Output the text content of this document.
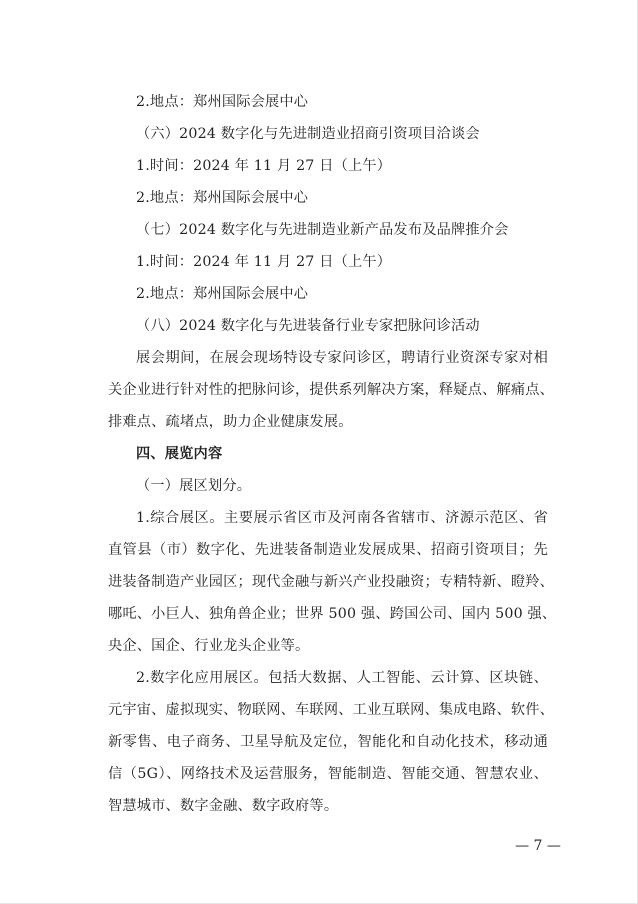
2.地点：郑州国际会展中心
（六）2024 数字化与先进制造业招商引资项目洽谈会
1.时间：2024 年 11 月 27 日（上午）
2.地点：郑州国际会展中心
（七）2024 数字化与先进制造业新产品发布及品牌推介会
1.时间：2024 年 11 月 27 日（上午）
2.地点：郑州国际会展中心
（八）2024 数字化与先进装备行业专家把脉问诊活动
展会期间，在展会现场特设专家问诊区，聘请行业资深专家对相
关企业进行针对性的把脉问诊，提供系列解决方案，释疑点、解痛点、
排难点、疏堵点，助力企业健康发展。
四、展览内容
（一）展区划分。
1.综合展区。主要展示省区市及河南各省辖市、济源示范区、省
直管县（市）数字化、先进装备制造业发展成果、招商引资项目；先
进装备制造产业园区；现代金融与新兴产业投融资；专精特新、瞪羚、
哪吒、小巨人、独角兽企业；世界 500 强、跨国公司、国内 500 强、
央企、国企、行业龙头企业等。
2.数字化应用展区。包括大数据、人工智能、云计算、区块链、
元宇宙、虚拟现实、物联网、车联网、工业互联网、集成电路、软件、
新零售、电子商务、卫星导航及定位，智能化和自动化技术，移动通
信（5G）、网络技术及运营服务，智能制造、智能交通、智慧农业、
智慧城市、数字金融、数字政府等。
— 7 —
